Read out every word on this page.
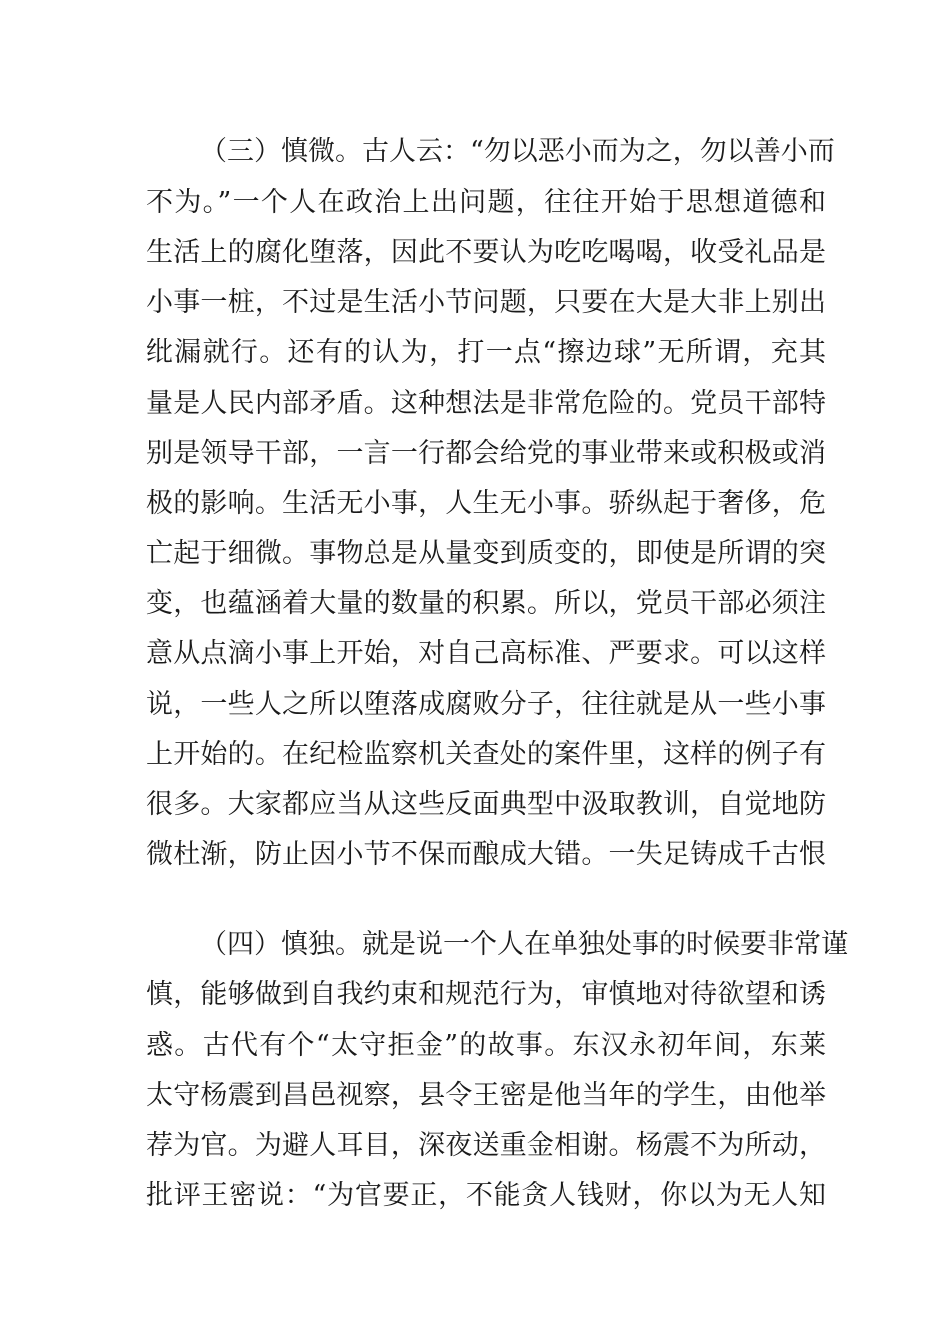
（三）慎微。古人云：“勿以恶小而为之，勿以善小而
不为。”一个人在政治上出问题，往往开始于思想道德和
生活上的腐化堕落，因此不要认为吃吃喝喝，收受礼品是
小事一桩，不过是生活小节问题，只要在大是大非上别出
纰漏就行。还有的认为，打一点“擦边球”无所谓，充其
量是人民内部矛盾。这种想法是非常危险的。党员干部特
别是领导干部，一言一行都会给党的事业带来或积极或消
极的影响。生活无小事，人生无小事。骄纵起于奢侈，危
亡起于细微。事物总是从量变到质变的，即使是所谓的突
变，也蕴涵着大量的数量的积累。所以，党员干部必须注
意从点滴小事上开始，对自己高标准、严要求。可以这样
说，一些人之所以堕落成腐败分子，往往就是从一些小事
上开始的。在纪检监察机关查处的案件里，这样的例子有
很多。大家都应当从这些反面典型中汲取教训，自觉地防
微杜渐，防止因小节不保而酿成大错。一失足铸成千古恨
（四）慎独。就是说一个人在单独处事的时候要非常谨
慎，能够做到自我约束和规范行为，审慎地对待欲望和诱
惑。古代有个“太守拒金”的故事。东汉永初年间，东莱
太守杨震到昌邑视察，县令王密是他当年的学生，由他举
荐为官。为避人耳目，深夜送重金相谢。杨震不为所动，
批评王密说：“为官要正，不能贪人钱财，你以为无人知
